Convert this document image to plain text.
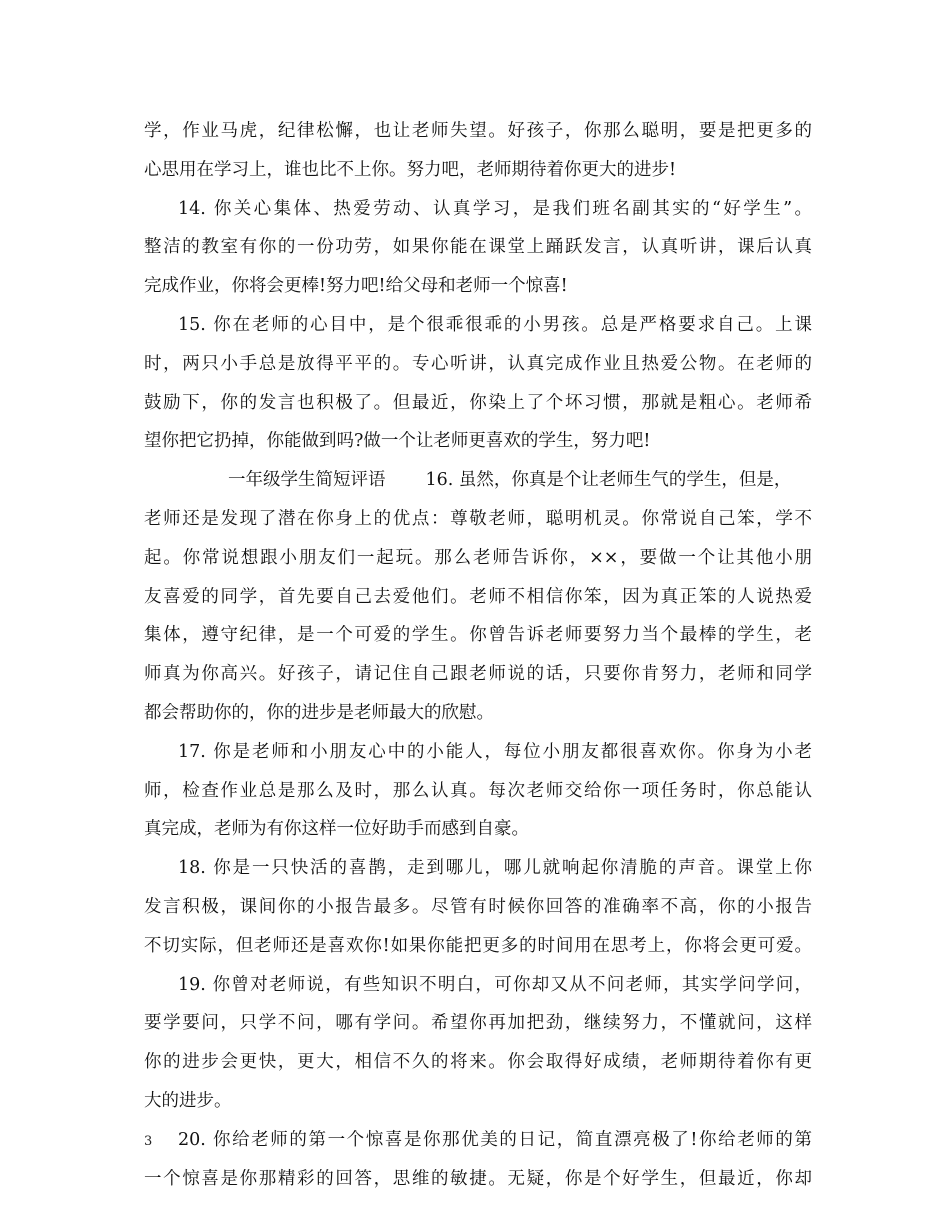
学，作业马虎，纪律松懈，也让老师失望。好孩子，你那么聪明，要是把更多的
心思用在学习上，谁也比不上你。努力吧，老师期待着你更大的进步!
14. 你关心集体、热爱劳动、认真学习，是我们班名副其实的“好学生”。
整洁的教室有你的一份功劳，如果你能在课堂上踊跃发言，认真听讲，课后认真
完成作业，你将会更棒!努力吧!给父母和老师一个惊喜!
15. 你在老师的心目中，是个很乖很乖的小男孩。总是严格要求自己。上课
时，两只小手总是放得平平的。专心听讲，认真完成作业且热爱公物。在老师的
鼓励下，你的发言也积极了。但最近，你染上了个坏习惯，那就是粗心。老师希
望你把它扔掉，你能做到吗?做一个让老师更喜欢的学生，努力吧!
一年级学生简短评语 16. 虽然，你真是个让老师生气的学生，但是，
老师还是发现了潜在你身上的优点：尊敬老师，聪明机灵。你常说自己笨，学不
起。你常说想跟小朋友们一起玩。那么老师告诉你，××，要做一个让其他小朋
友喜爱的同学，首先要自己去爱他们。老师不相信你笨，因为真正笨的人说热爱
集体，遵守纪律，是一个可爱的学生。你曾告诉老师要努力当个最棒的学生，老
师真为你高兴。好孩子，请记住自己跟老师说的话，只要你肯努力，老师和同学
都会帮助你的，你的进步是老师最大的欣慰。
17. 你是老师和小朋友心中的小能人，每位小朋友都很喜欢你。你身为小老
师，检查作业总是那么及时，那么认真。每次老师交给你一项任务时，你总能认
真完成，老师为有你这样一位好助手而感到自豪。
18. 你是一只快活的喜鹊，走到哪儿，哪儿就响起你清脆的声音。课堂上你
发言积极，课间你的小报告最多。尽管有时候你回答的准确率不高，你的小报告
不切实际，但老师还是喜欢你!如果你能把更多的时间用在思考上，你将会更可爱。
19. 你曾对老师说，有些知识不明白，可你却又从不问老师，其实学问学问，
要学要问，只学不问，哪有学问。希望你再加把劲，继续努力，不懂就问，这样
你的进步会更快，更大，相信不久的将来。你会取得好成绩，老师期待着你有更
大的进步。
20. 你给老师的第一个惊喜是你那优美的日记，简直漂亮极了!你给老师的第
一个惊喜是你那精彩的回答，思维的敏捷。无疑，你是个好学生，但最近，你却
3
